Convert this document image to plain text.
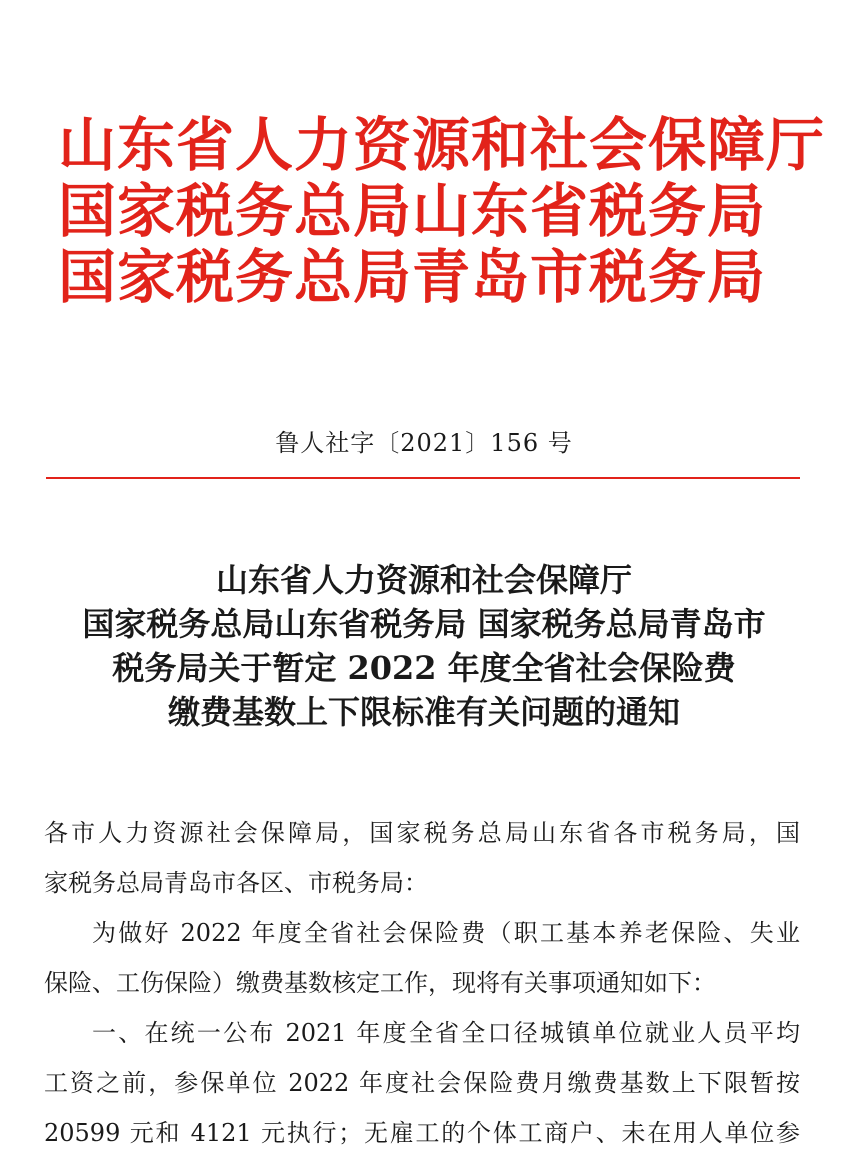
山东省人力资源和社会保障厅
国家税务总局山东省税务局
国家税务总局青岛市税务局
鲁人社字〔2021〕156 号
山东省人力资源和社会保障厅
国家税务总局山东省税务局 国家税务总局青岛市
税务局关于暂定 2022 年度全省社会保险费
缴费基数上下限标准有关问题的通知
各市人力资源社会保障局，国家税务总局山东省各市税务局，国
家税务总局青岛市各区、市税务局：
为做好 2022 年度全省社会保险费（职工基本养老保险、失业
保险、工伤保险）缴费基数核定工作，现将有关事项通知如下：
一、在统一公布 2021 年度全省全口径城镇单位就业人员平均
工资之前，参保单位 2022 年度社会保险费月缴费基数上下限暂按
20599 元和 4121 元执行；无雇工的个体工商户、未在用人单位参
